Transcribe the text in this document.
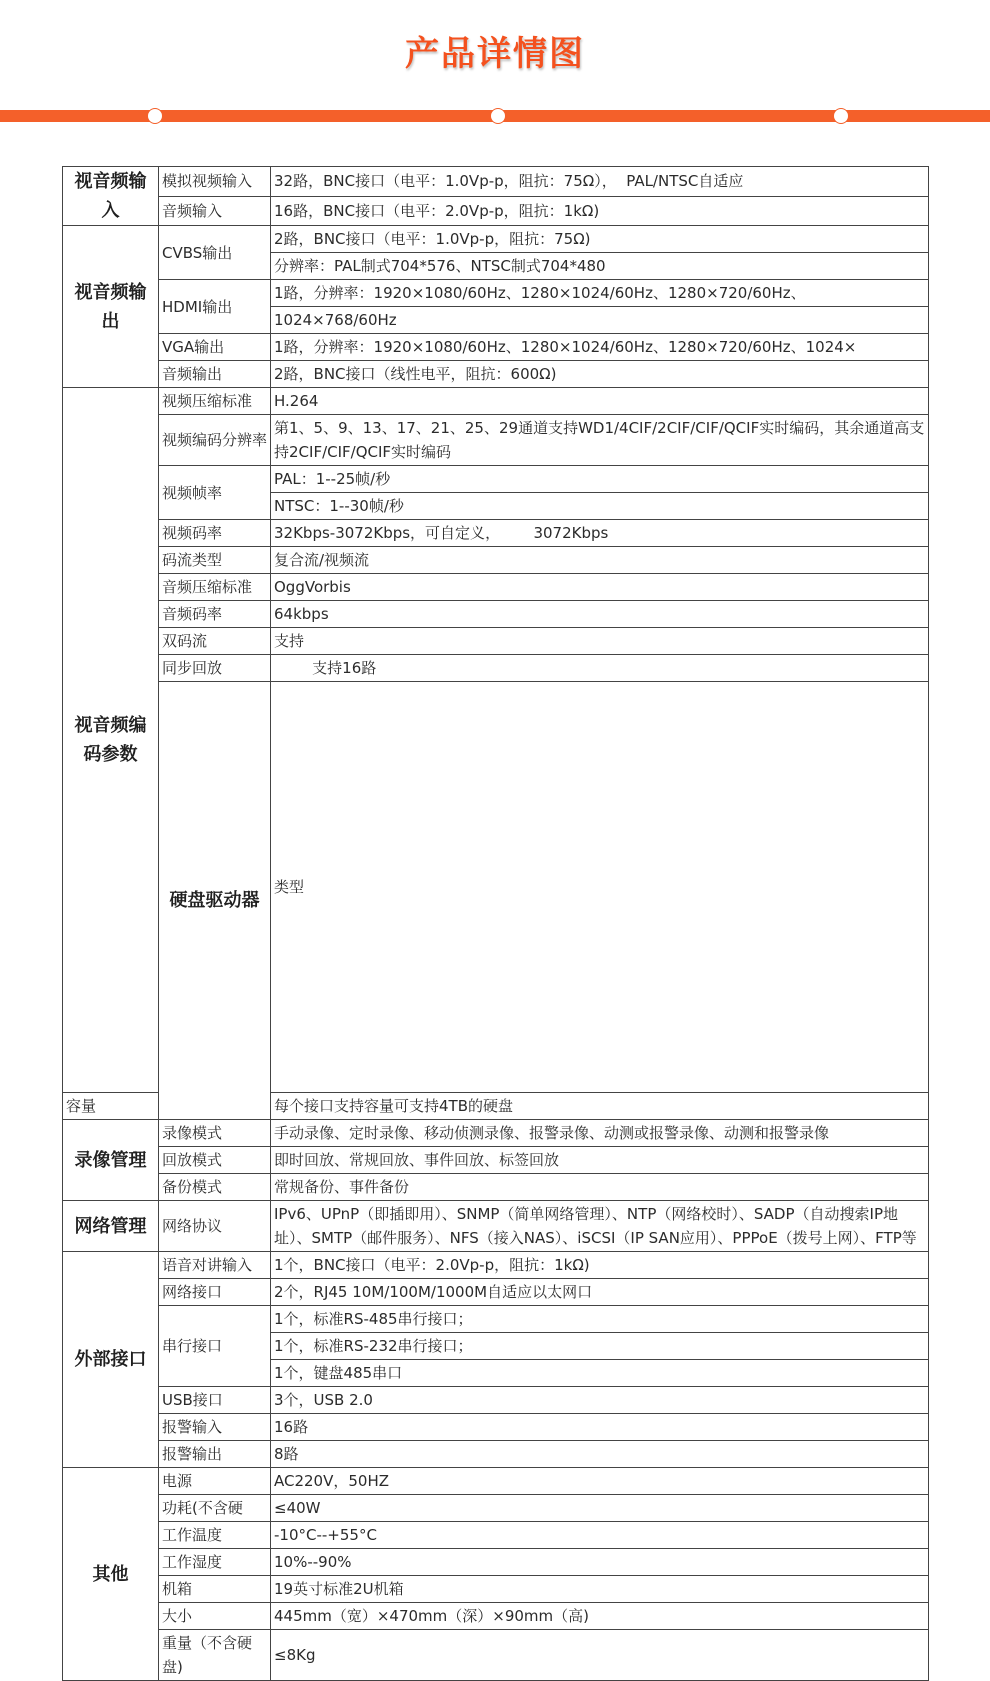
产品详情图
视音频输入	模拟视频输入	32路，BNC接口（电平：1.0Vp-p，阻抗：75Ω），  PAL/NTSC自适应	
	音频输入	16路，BNC接口（电平：2.0Vp-p，阻抗：1kΩ)	
视音频输出	CVBS输出	2路，BNC接口（电平：1.0Vp-p，阻抗：75Ω)	
		分辨率：PAL制式704*576、NTSC制式704*480	
	HDMI输出	1路，分辨率：1920×1080/60Hz、1280×1024/60Hz、1280×720/60Hz、	
		1024×768/60Hz	
	VGA输出	1路，分辨率：1920×1080/60Hz、1280×1024/60Hz、1280×720/60Hz、1024×	
	音频输出	2路，BNC接口（线性电平，阻抗：600Ω)	
视音频编码参数	视频压缩标准	H.264	
	视频编码分辨率	第1、5、9、13、17、21、25、29通道支持WD1/4CIF/2CIF/CIF/QCIF实时编码，其余通道高支持2CIF/CIF/QCIF实时编码	
	视频帧率	PAL：1--25帧/秒	
		NTSC：1--30帧/秒	
	视频码率	32Kbps-3072Kbps，可自定义，       3072Kbps	
	码流类型	复合流/视频流	
	音频压缩标准	OggVorbis	
	音频码率	64kbps	
	双码流	支持	
	同步回放	支持16路	
	硬盘驱动器	类型	
容量		每个接口支持容量可支持4TB的硬盘	
录像管理	录像模式	手动录像、定时录像、移动侦测录像、报警录像、动测或报警录像、动测和报警录像	
	回放模式	即时回放、常规回放、事件回放、标签回放	
	备份模式	常规备份、事件备份	
网络管理	网络协议	IPv6、UPnP（即插即用）、SNMP（简单网络管理）、NTP（网络校时）、SADP（自动搜索IP地址）、SMTP（邮件服务）、NFS（接入NAS）、iSCSI（IP SAN应用）、PPPoE（拨号上网）、FTP等	
外部接口	语音对讲输入	1个，BNC接口（电平：2.0Vp-p，阻抗：1kΩ)	
	网络接口	2个，RJ45 10M/100M/1000M自适应以太网口	
	串行接口	1个，标准RS-485串行接口；	
		1个，标准RS-232串行接口；	
		1个，键盘485串口	
	USB接口	3个，USB 2.0	
	报警输入	16路	
	报警输出	8路	
其他	电源	AC220V，50HZ	
	功耗(不含硬	≤40W	
	工作温度	-10°C--+55°C	
	工作湿度	10%--90%	
	机箱	19英寸标准2U机箱	
	大小	445mm（宽）×470mm（深）×90mm（高)	
	重量（不含硬盘)	≤8Kg	
